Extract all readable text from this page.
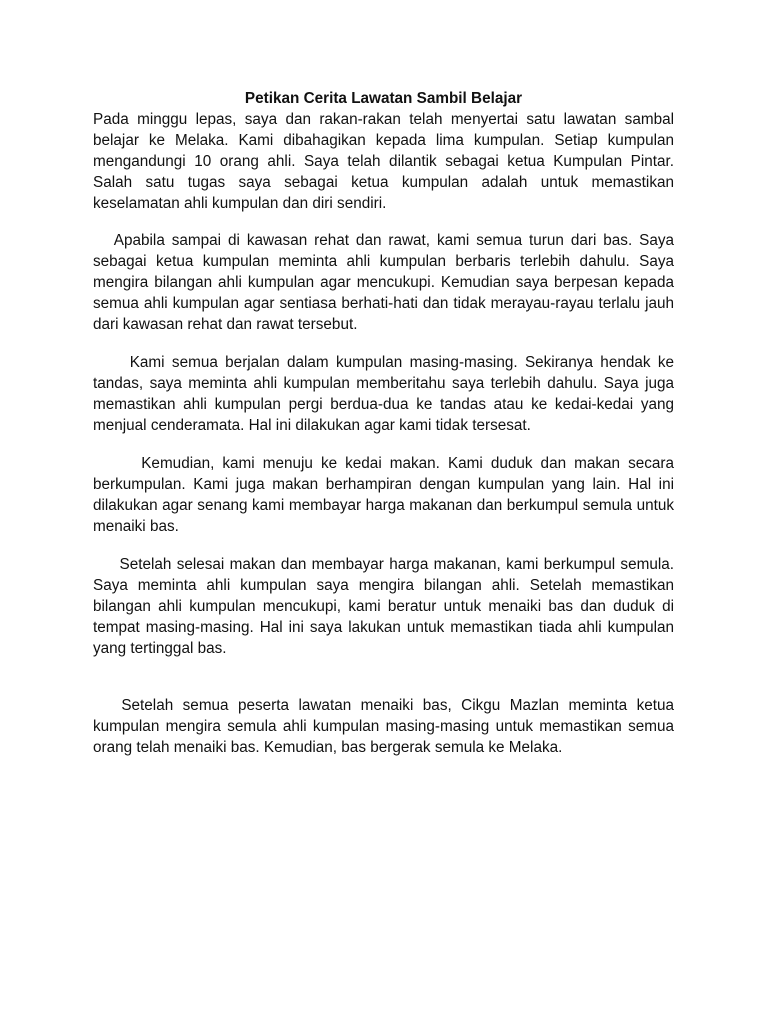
Petikan Cerita Lawatan Sambil Belajar

Pada minggu lepas, saya dan rakan-rakan telah menyertai satu lawatan sambal belajar ke Melaka. Kami dibahagikan kepada lima kumpulan. Setiap kumpulan mengandungi 10 orang ahli. Saya telah dilantik sebagai ketua Kumpulan Pintar. Salah satu tugas saya sebagai ketua kumpulan adalah untuk memastikan keselamatan ahli kumpulan dan diri sendiri.

Apabila sampai di kawasan rehat dan rawat, kami semua turun dari bas. Saya sebagai ketua kumpulan meminta ahli kumpulan berbaris terlebih dahulu. Saya mengira bilangan ahli kumpulan agar mencukupi. Kemudian saya berpesan kepada semua ahli kumpulan agar sentiasa berhati-hati dan tidak merayau-rayau terlalu jauh dari kawasan rehat dan rawat tersebut.

Kami semua berjalan dalam kumpulan masing-masing. Sekiranya hendak ke tandas, saya meminta ahli kumpulan memberitahu saya terlebih dahulu. Saya juga memastikan ahli kumpulan pergi berdua-dua ke tandas atau ke kedai-kedai yang menjual cenderamata. Hal ini dilakukan agar kami tidak tersesat.

Kemudian, kami menuju ke kedai makan. Kami duduk dan makan secara berkumpulan. Kami juga makan berhampiran dengan kumpulan yang lain. Hal ini dilakukan agar senang kami membayar harga makanan dan berkumpul semula untuk menaiki bas.

Setelah selesai makan dan membayar harga makanan, kami berkumpul semula. Saya meminta ahli kumpulan saya mengira bilangan ahli. Setelah memastikan bilangan ahli kumpulan mencukupi, kami beratur untuk menaiki bas dan duduk di tempat masing-masing. Hal ini saya lakukan untuk memastikan tiada ahli kumpulan yang tertinggal bas.

Setelah semua peserta lawatan menaiki bas, Cikgu Mazlan meminta ketua kumpulan mengira semula ahli kumpulan masing-masing untuk memastikan semua orang telah menaiki bas. Kemudian, bas bergerak semula ke Melaka.
